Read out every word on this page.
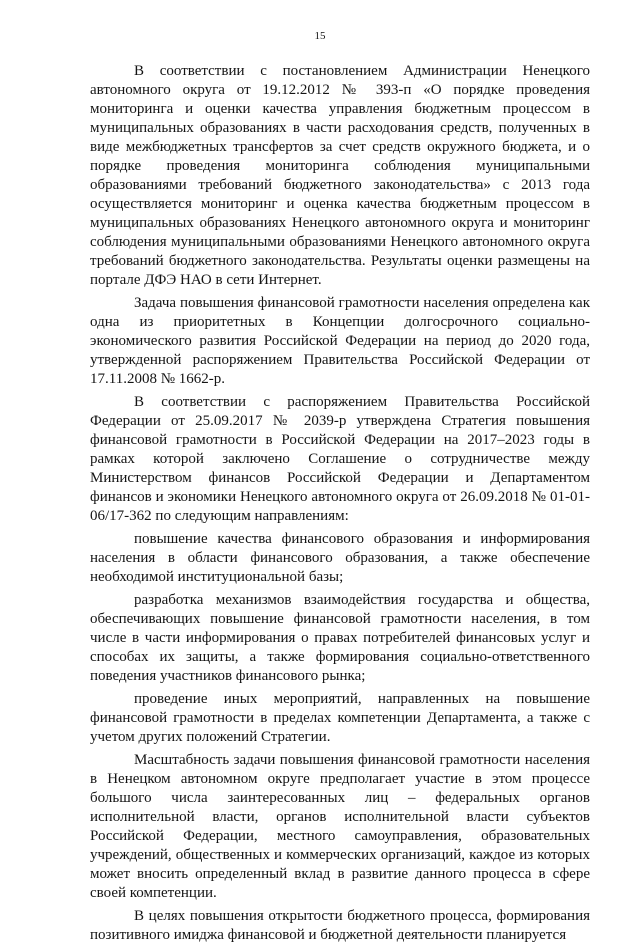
15

В соответствии с постановлением Администрации Ненецкого автономного округа от 19.12.2012 № 393-п «О порядке проведения мониторинга и оценки качества управления бюджетным процессом в муниципальных образованиях в части расходования средств, полученных в виде межбюджетных трансфертов за счет средств окружного бюджета, и о порядке проведения мониторинга соблюдения муниципальными образованиями требований бюджетного законодательства» с 2013 года осуществляется мониторинг и оценка качества бюджетным процессом в муниципальных образованиях Ненецкого автономного округа и мониторинг соблюдения муниципальными образованиями Ненецкого автономного округа требований бюджетного законодательства. Результаты оценки размещены на портале ДФЭ НАО в сети Интернет.

Задача повышения финансовой грамотности населения определена как одна из приоритетных в Концепции долгосрочного социально-экономического развития Российской Федерации на период до 2020 года, утвержденной распоряжением Правительства Российской Федерации от 17.11.2008 № 1662-р.

В соответствии с распоряжением Правительства Российской Федерации от 25.09.2017 № 2039-р утверждена Стратегия повышения финансовой грамотности в Российской Федерации на 2017–2023 годы в рамках которой заключено Соглашение о сотрудничестве между Министерством финансов Российской Федерации и Департаментом финансов и экономики Ненецкого автономного округа от 26.09.2018 № 01-01-06/17-362 по следующим направлениям:

повышение качества финансового образования и информирования населения в области финансового образования, а также обеспечение необходимой институциональной базы;

разработка механизмов взаимодействия государства и общества, обеспечивающих повышение финансовой грамотности населения, в том числе в части информирования о правах потребителей финансовых услуг и способах их защиты, а также формирования социально-ответственного поведения участников финансового рынка;

проведение иных мероприятий, направленных на повышение финансовой грамотности в пределах компетенции Департамента, а также с учетом других положений Стратегии.

Масштабность задачи повышения финансовой грамотности населения в Ненецком автономном округе предполагает участие в этом процессе большого числа заинтересованных лиц – федеральных органов исполнительной власти, органов исполнительной власти субъектов Российской Федерации, местного самоуправления, образовательных учреждений, общественных и коммерческих организаций, каждое из которых может вносить определенный вклад в развитие данного процесса в сфере своей компетенции.

В целях повышения открытости бюджетного процесса, формирования позитивного имиджа финансовой и бюджетной деятельности планируется
